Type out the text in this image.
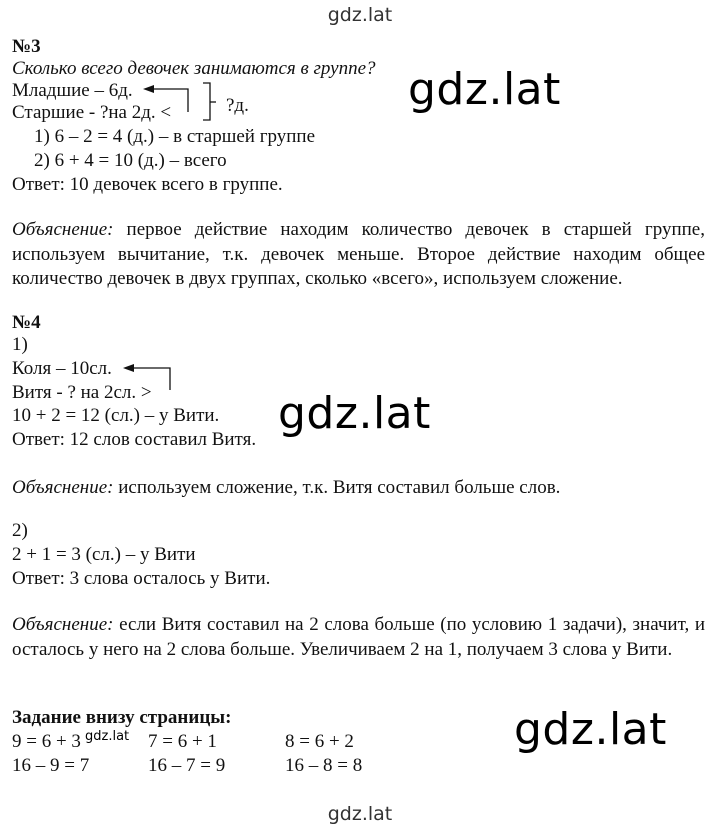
gdz.lat
gdz.lat
gdz.lat
gdz.lat
№3
Сколько всего девочек занимаются в группе?
Младшие – 6д.
Старшие - ?на 2д. <	?д.
1) 6 – 2 = 4 (д.) – в старшей группе
2) 6 + 4 = 10 (д.) – всего
Ответ: 10 девочек всего в группе.
Объяснение: первое действие находим количество девочек в старшей группе, используем вычитание, т.к. девочек меньше. Второе действие находим общее количество девочек в двух группах, сколько «всего», используем сложение.
№4
1)
Коля – 10сл.
Витя - ? на 2сл. >
10 + 2 = 12 (сл.) – у Вити.
Ответ: 12 слов составил Витя.
Объяснение: используем сложение, т.к. Витя составил больше слов.
2)
2 + 1 = 3 (сл.) – у Вити
Ответ: 3 слова осталось у Вити.
Объяснение: если Витя составил на 2 слова больше (по условию 1 задачи), значит, и осталось у него на 2 слова больше. Увеличиваем 2 на 1, получаем 3 слова у Вити.
Задание внизу страницы:
9 = 6 + 3	7 = 6 + 1	8 = 6 + 2
16 – 9 = 7	16 – 7 = 9	16 – 8 = 8
gdz.lat
gdz.lat
